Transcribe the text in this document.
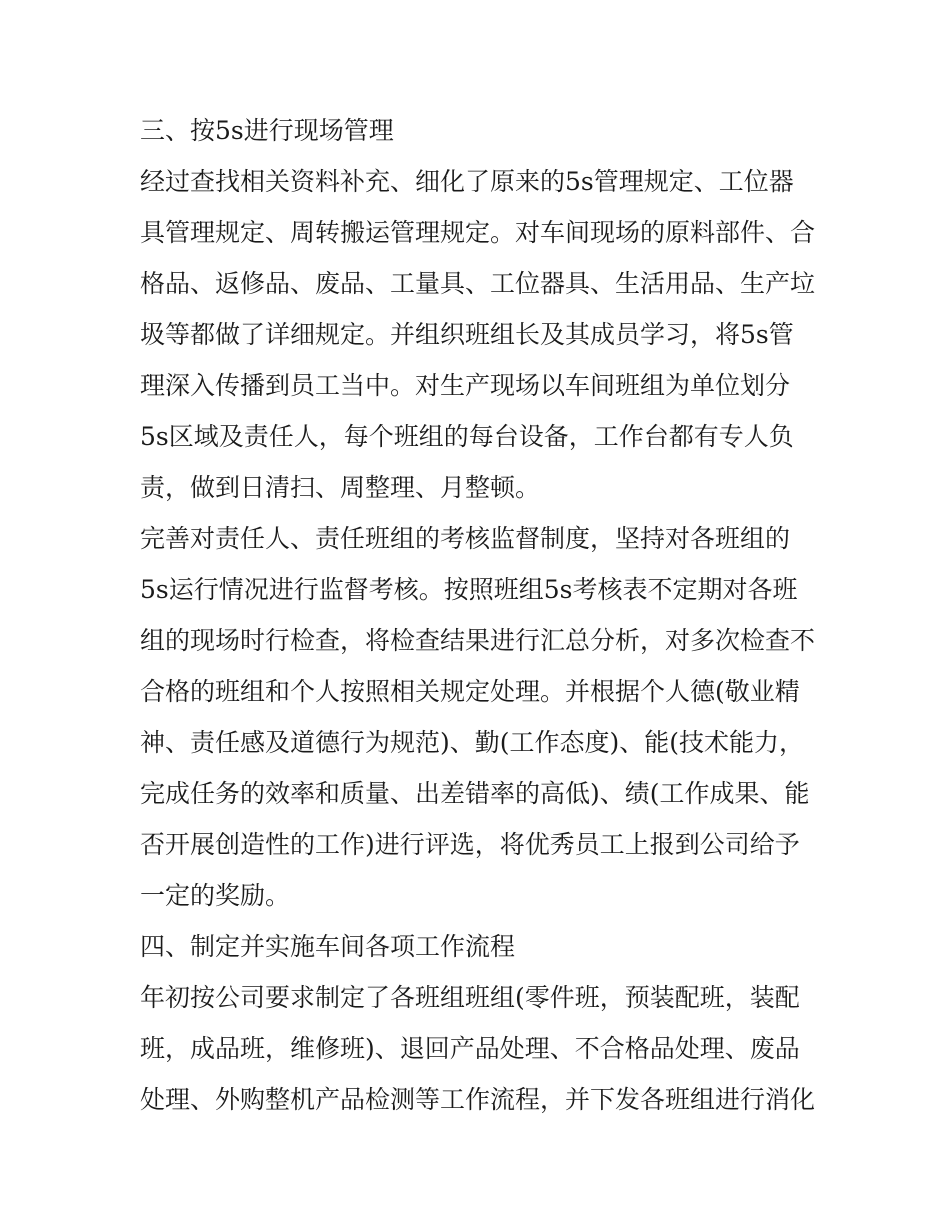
三、按5s进行现场管理
经过查找相关资料补充、细化了原来的5s管理规定、工位器
具管理规定、周转搬运管理规定。对车间现场的原料部件、合
格品、返修品、废品、工量具、工位器具、生活用品、生产垃
圾等都做了详细规定。并组织班组长及其成员学习，将5s管
理深入传播到员工当中。对生产现场以车间班组为单位划分
5s区域及责任人，每个班组的每台设备，工作台都有专人负
责，做到日清扫、周整理、月整顿。
完善对责任人、责任班组的考核监督制度，坚持对各班组的
5s运行情况进行监督考核。按照班组5s考核表不定期对各班
组的现场时行检查，将检查结果进行汇总分析，对多次检查不
合格的班组和个人按照相关规定处理。并根据个人德(敬业精
神、责任感及道德行为规范)、勤(工作态度)、能(技术能力，
完成任务的效率和质量、出差错率的高低)、绩(工作成果、能
否开展创造性的工作)进行评选，将优秀员工上报到公司给予
一定的奖励。
四、制定并实施车间各项工作流程
年初按公司要求制定了各班组班组(零件班，预装配班，装配
班，成品班，维修班)、退回产品处理、不合格品处理、废品
处理、外购整机产品检测等工作流程，并下发各班组进行消化
